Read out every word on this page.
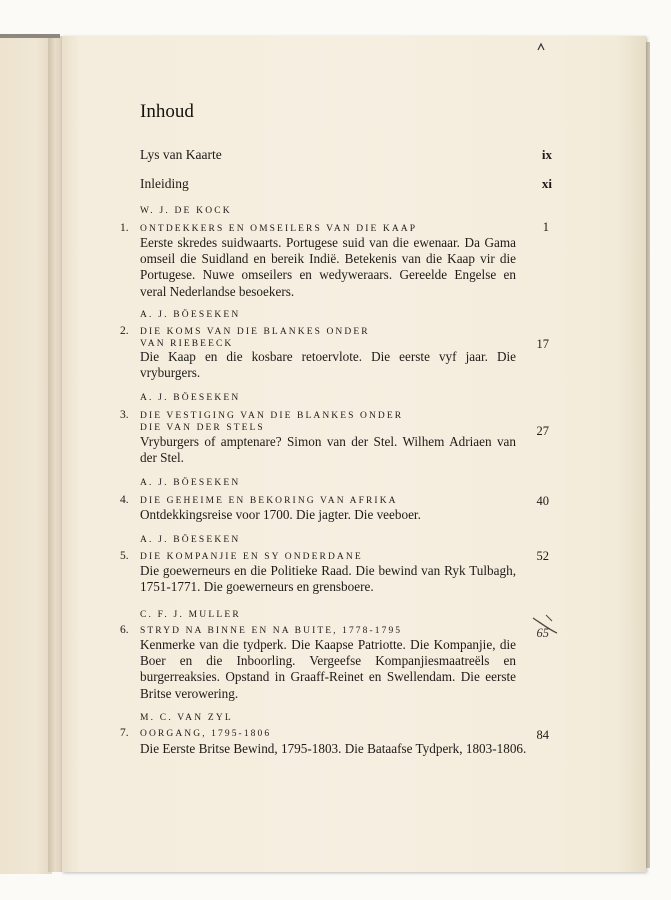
Inhoud
Lys van Kaarte	ix
Inleiding	xi
W. J. DE KOCK
1. ONTDEKKERS EN OMSEILERS VAN DIE KAAP	1
Eerste skredes suidwaarts. Portugese suid van die ewenaar. Da Gama omseil die Suidland en bereik Indië. Betekenis van die Kaap vir die Portugese. Nuwe omseilers en wedyweraars. Gereelde Engelse en veral Nederlandse besoekers.
A. J. BÖESEKEN
2. DIE KOMS VAN DIE BLANKES ONDER
VAN RIEBEECK	17
Die Kaap en die kosbare retoervlote. Die eerste vyf jaar. Die vryburgers.
A. J. BÖESEKEN
3. DIE VESTIGING VAN DIE BLANKES ONDER
DIE VAN DER STELS	27
Vryburgers of amptenare? Simon van der Stel. Wilhem Adriaen van der Stel.
A. J. BÖESEKEN
4. DIE GEHEIME EN BEKORING VAN AFRIKA	40
Ontdekkingsreise voor 1700. Die jagter. Die veeboer.
A. J. BÖESEKEN
5. DIE KOMPANJIE EN SY ONDERDANE	52
Die goewerneurs en die Politieke Raad. Die bewind van Ryk Tulbagh, 1751-1771. Die goewerneurs en grensboere.
C. F. J. MULLER
6. STRYD NA BINNE EN NA BUITE, 1778-1795	65
Kenmerke van die tydperk. Die Kaapse Patriotte. Die Kompanjie, die Boer en die Inboorling. Vergeefse Kompanjiesmaatreëls en burgerreaksies. Opstand in Graaff-Reinet en Swellendam. Die eerste Britse verowering.
M. C. VAN ZYL
7. OORGANG, 1795-1806	84
Die Eerste Britse Bewind, 1795-1803. Die Bataafse Tydperk, 1803-1806.
